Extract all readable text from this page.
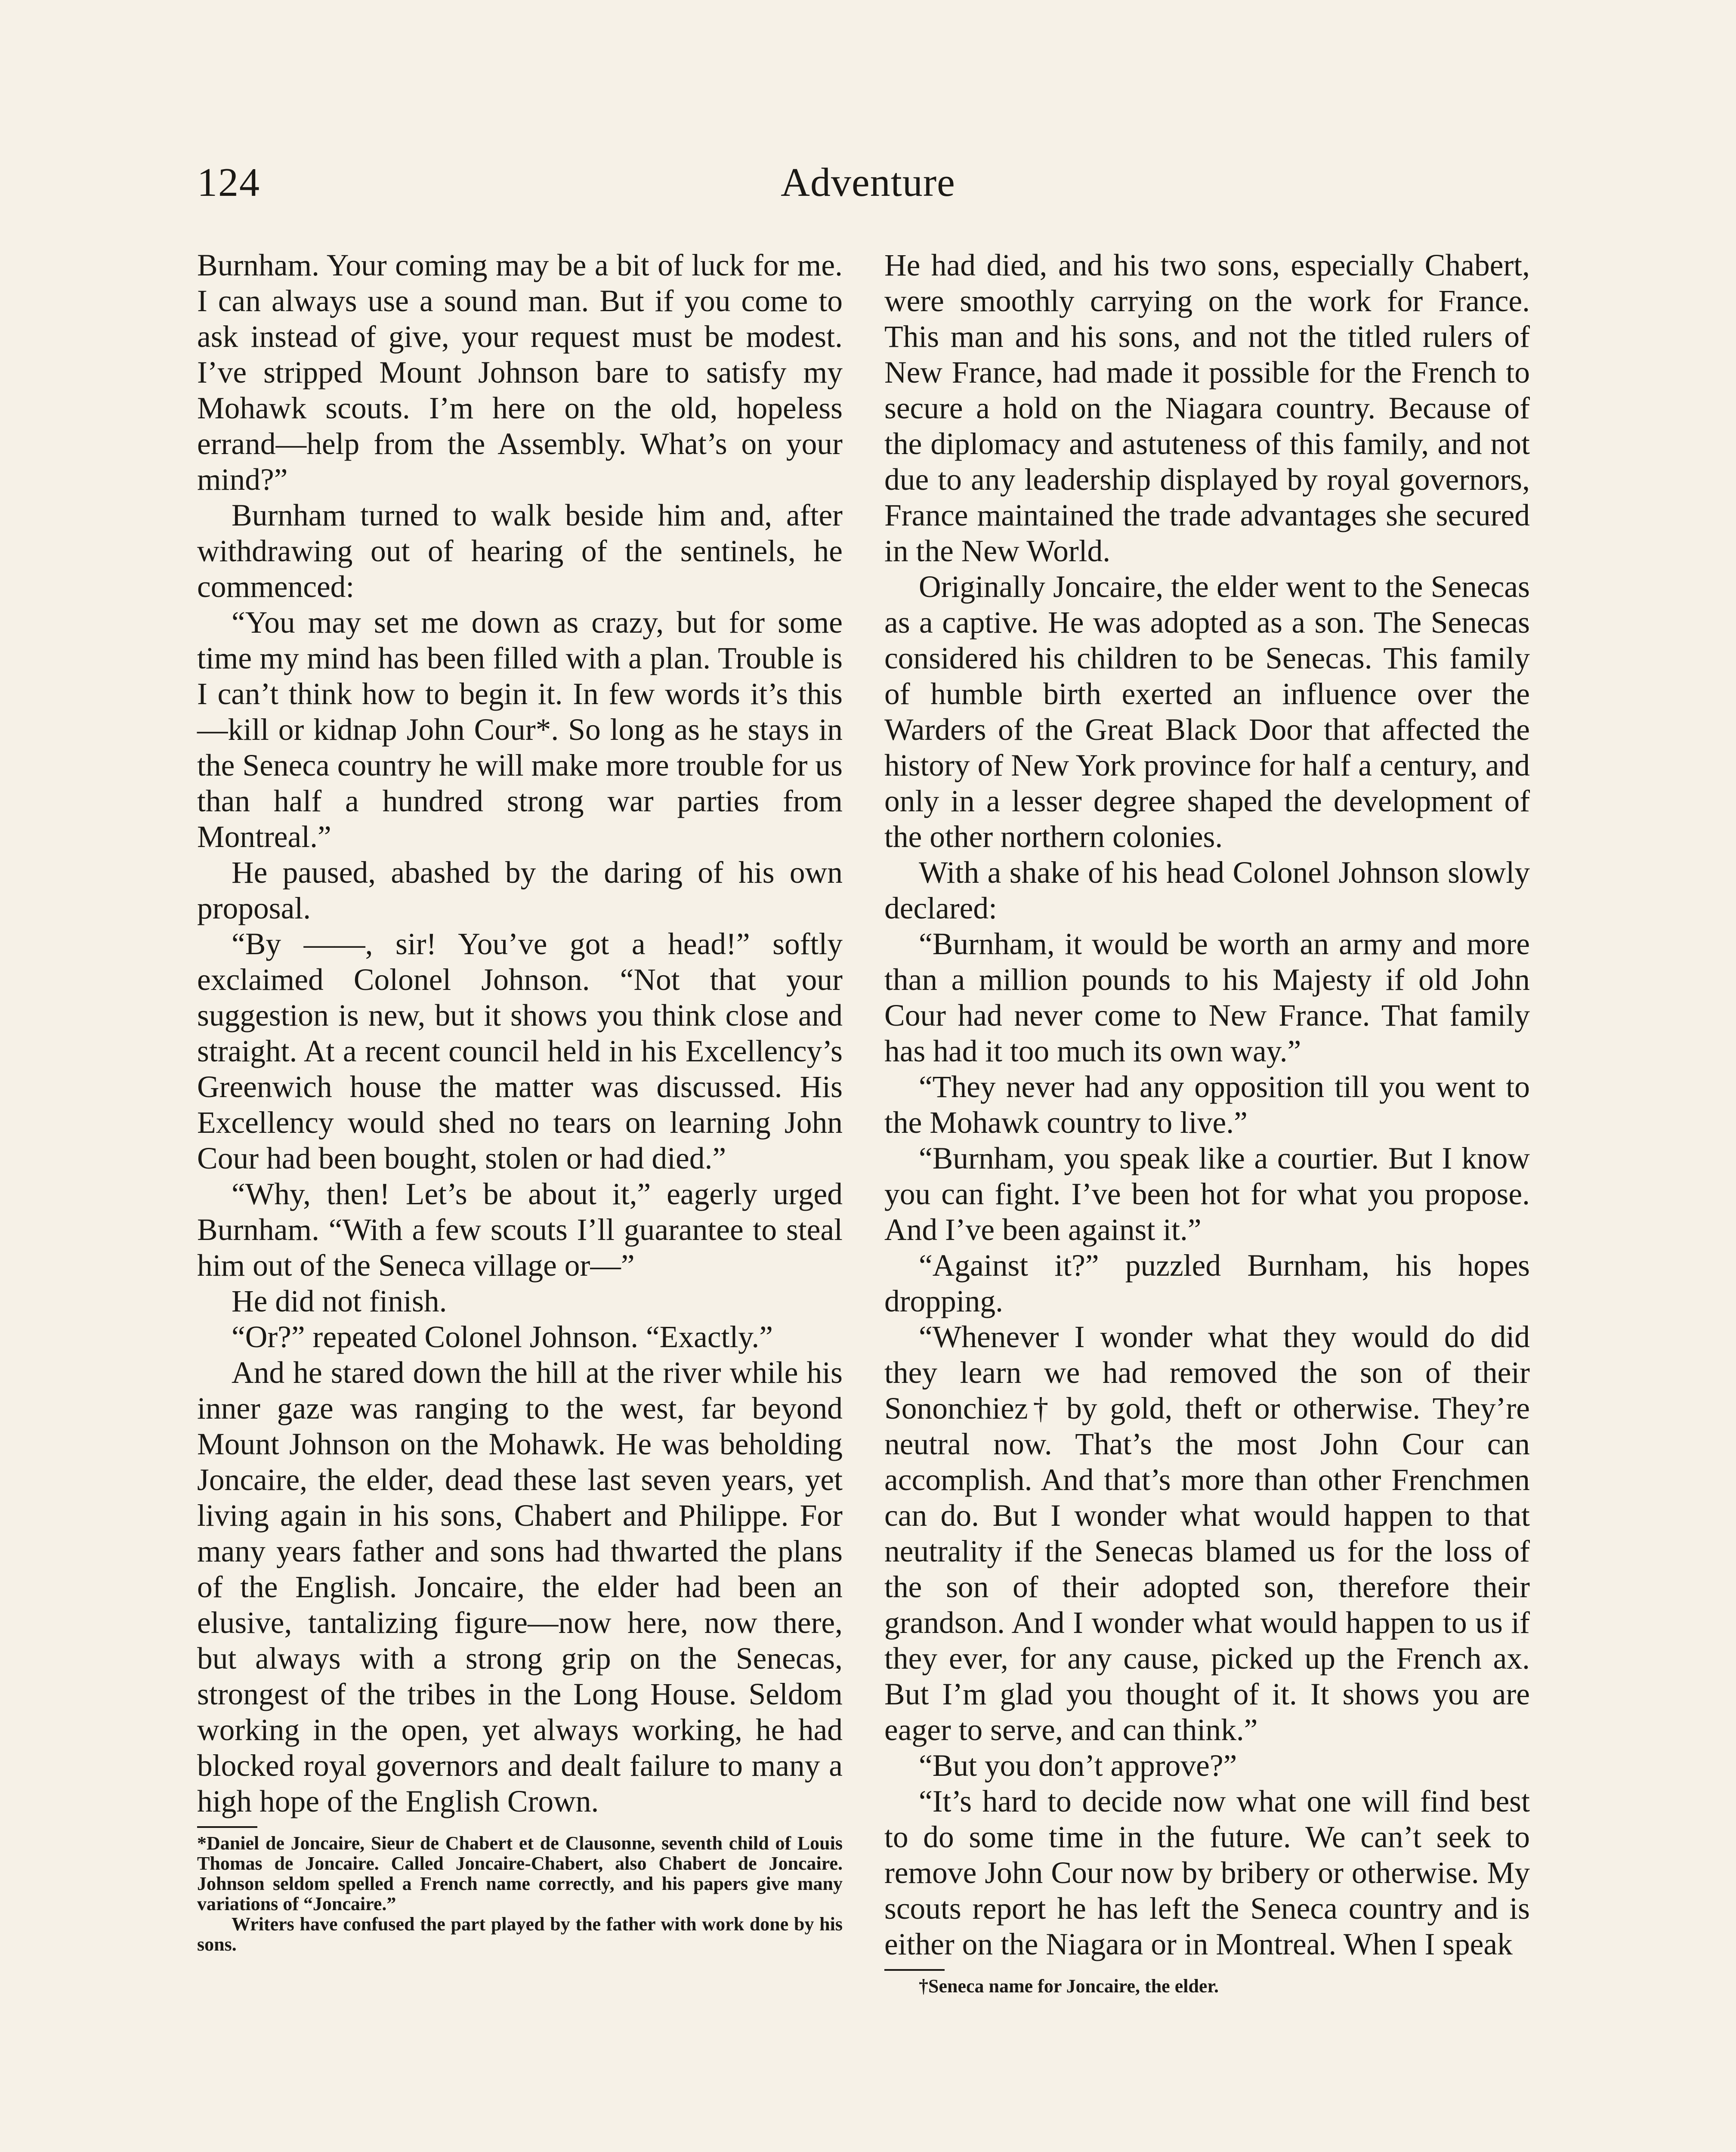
124	Adventure

Burnham. Your coming may be a bit of luck for me. I can always use a sound man. But if you come to ask instead of give, your request must be modest. I’ve stripped Mount Johnson bare to satisfy my Mohawk scouts. I’m here on the old, hopeless errand—help from the Assembly. What’s on your mind?”

Burnham turned to walk beside him and, after withdrawing out of hearing of the sentinels, he commenced:

“You may set me down as crazy, but for some time my mind has been filled with a plan. Trouble is I can’t think how to begin it. In few words it’s this—kill or kidnap John Cour*. So long as he stays in the Seneca country he will make more trouble for us than half a hundred strong war parties from Montreal.”

He paused, abashed by the daring of his own proposal.

“By ——, sir! You’ve got a head!” softly exclaimed Colonel Johnson. “Not that your suggestion is new, but it shows you think close and straight. At a recent council held in his Excellency’s Greenwich house the matter was discussed. His Excellency would shed no tears on learning John Cour had been bought, stolen or had died.”

“Why, then! Let’s be about it,” eagerly urged Burnham. “With a few scouts I’ll guarantee to steal him out of the Seneca village or—”

He did not finish.

“Or?” repeated Colonel Johnson. “Exactly.”

And he stared down the hill at the river while his inner gaze was ranging to the west, far beyond Mount Johnson on the Mohawk. He was beholding Joncaire, the elder, dead these last seven years, yet living again in his sons, Chabert and Philippe. For many years father and sons had thwarted the plans of the English. Joncaire, the elder had been an elusive, tantalizing figure—now here, now there, but always with a strong grip on the Senecas, strongest of the tribes in the Long House. Seldom working in the open, yet always working, he had blocked royal governors and dealt failure to many a high hope of the English Crown.

*Daniel de Joncaire, Sieur de Chabert et de Clausonne, seventh child of Louis Thomas de Joncaire. Called Joncaire-Chabert, also Chabert de Joncaire. Johnson seldom spelled a French name correctly, and his papers give many variations of “Joncaire.”

Writers have confused the part played by the father with work done by his sons.

He had died, and his two sons, especially Chabert, were smoothly carrying on the work for France. This man and his sons, and not the titled rulers of New France, had made it possible for the French to secure a hold on the Niagara country. Because of the diplomacy and astuteness of this family, and not due to any leadership displayed by royal governors, France maintained the trade advantages she secured in the New World.

Originally Joncaire, the elder went to the Senecas as a captive. He was adopted as a son. The Senecas considered his children to be Senecas. This family of humble birth exerted an influence over the Warders of the Great Black Door that affected the history of New York province for half a century, and only in a lesser degree shaped the development of the other northern colonies.

With a shake of his head Colonel Johnson slowly declared:

“Burnham, it would be worth an army and more than a million pounds to his Majesty if old John Cour had never come to New France. That family has had it too much its own way.”

“They never had any opposition till you went to the Mohawk country to live.”

“Burnham, you speak like a courtier. But I know you can fight. I’ve been hot for what you propose. And I’ve been against it.”

“Against it?” puzzled Burnham, his hopes dropping.

“Whenever I wonder what they would do did they learn we had removed the son of their Sononchiez† by gold, theft or otherwise. They’re neutral now. That’s the most John Cour can accomplish. And that’s more than other Frenchmen can do. But I wonder what would happen to that neutrality if the Senecas blamed us for the loss of the son of their adopted son, therefore their grandson. And I wonder what would happen to us if they ever, for any cause, picked up the French ax. But I’m glad you thought of it. It shows you are eager to serve, and can think.”

“But you don’t approve?”

“It’s hard to decide now what one will find best to do some time in the future. We can’t seek to remove John Cour now by bribery or otherwise. My scouts report he has left the Seneca country and is either on the Niagara or in Montreal. When I speak

†Seneca name for Joncaire, the elder.
